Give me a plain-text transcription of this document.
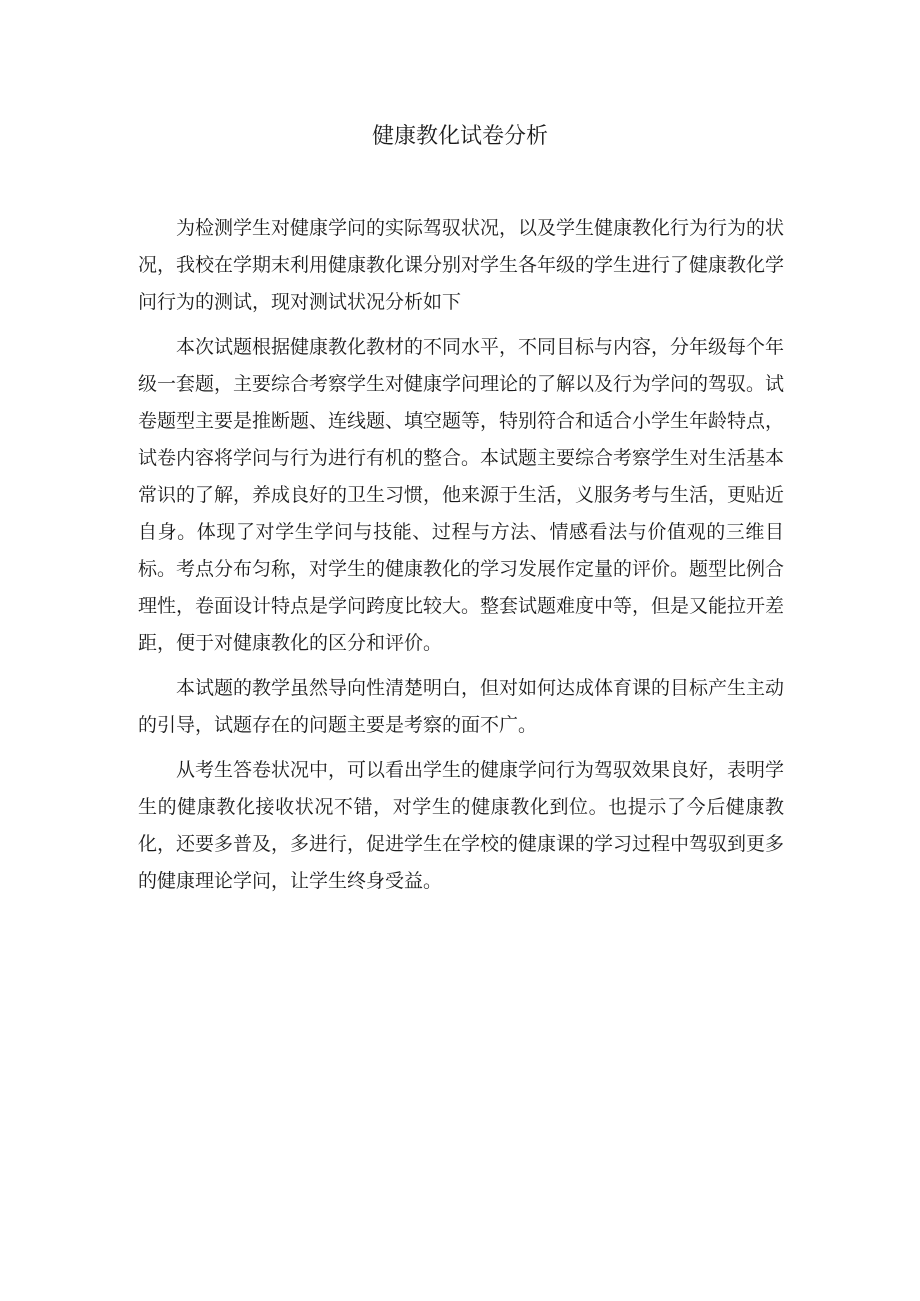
健康教化试卷分析

为检测学生对健康学问的实际驾驭状况，以及学生健康教化行为行为的状况，我校在学期末利用健康教化课分别对学生各年级的学生进行了健康教化学问行为的测试，现对测试状况分析如下

本次试题根据健康教化教材的不同水平，不同目标与内容，分年级每个年级一套题，主要综合考察学生对健康学问理论的了解以及行为学问的驾驭。试卷题型主要是推断题、连线题、填空题等，特别符合和适合小学生年龄特点，试卷内容将学问与行为进行有机的整合。本试题主要综合考察学生对生活基本常识的了解，养成良好的卫生习惯，他来源于生活，义服务考与生活，更贴近自身。体现了对学生学问与技能、过程与方法、情感看法与价值观的三维目标。考点分布匀称，对学生的健康教化的学习发展作定量的评价。题型比例合理性，卷面设计特点是学问跨度比较大。整套试题难度中等，但是又能拉开差距，便于对健康教化的区分和评价。

本试题的教学虽然导向性清楚明白，但对如何达成体育课的目标产生主动的引导，试题存在的问题主要是考察的面不广。

从考生答卷状况中，可以看出学生的健康学问行为驾驭效果良好，表明学生的健康教化接收状况不错，对学生的健康教化到位。也提示了今后健康教化，还要多普及，多进行，促进学生在学校的健康课的学习过程中驾驭到更多的健康理论学问，让学生终身受益。
